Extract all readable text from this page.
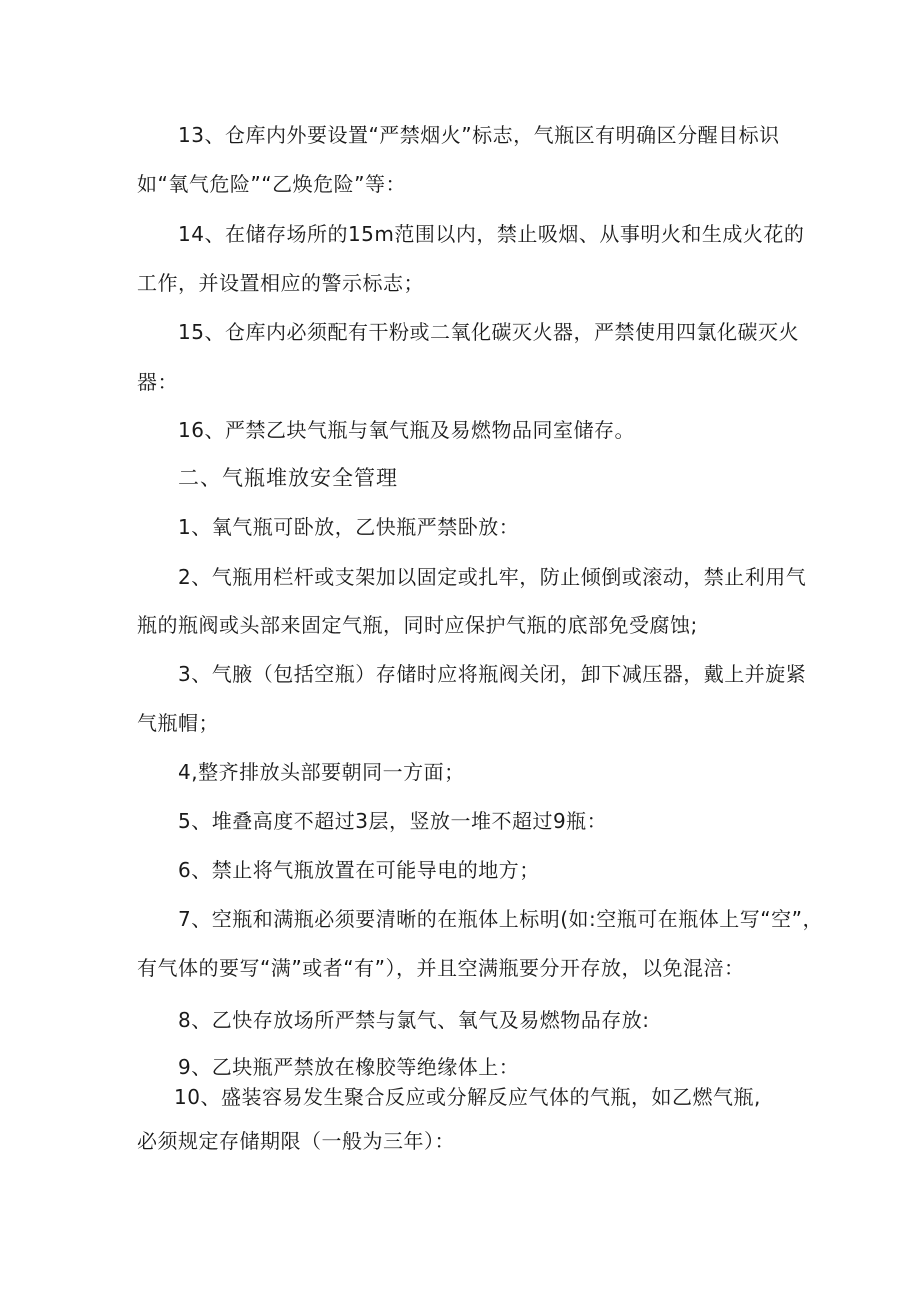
13、仓库内外要设置“严禁烟火”标志，气瓶区有明确区分醒目标识
如“氧气危险”“乙焕危险”等：
14、在储存场所的15m范围以内，禁止吸烟、从事明火和生成火花的
工作，并设置相应的警示标志；
15、仓库内必须配有干粉或二氧化碳灭火器，严禁使用四氯化碳灭火
器：
16、严禁乙块气瓶与氧气瓶及易燃物品同室储存。
二、气瓶堆放安全管理
1、氧气瓶可卧放，乙快瓶严禁卧放：
2、气瓶用栏杆或支架加以固定或扎牢，防止倾倒或滚动，禁止利用气
瓶的瓶阀或头部来固定气瓶，同时应保护气瓶的底部免受腐蚀;
3、气腋（包括空瓶）存储时应将瓶阀关闭，卸下减压器，戴上并旋紧
气瓶帽；
4,整齐排放头部要朝同一方面；
5、堆叠高度不超过3层，竖放一堆不超过9瓶：
6、禁止将气瓶放置在可能导电的地方；
7、空瓶和满瓶必须要清晰的在瓶体上标明(如:空瓶可在瓶体上写“空”，
有气体的要写“满”或者“有”），并且空满瓶要分开存放，以免混涪：
8、乙快存放场所严禁与氯气、氧气及易燃物品存放:
9、乙块瓶严禁放在橡胶等绝缘体上：
10、盛装容易发生聚合反应或分解反应气体的气瓶，如乙燃气瓶,
必须规定存储期限（一般为三年）：
